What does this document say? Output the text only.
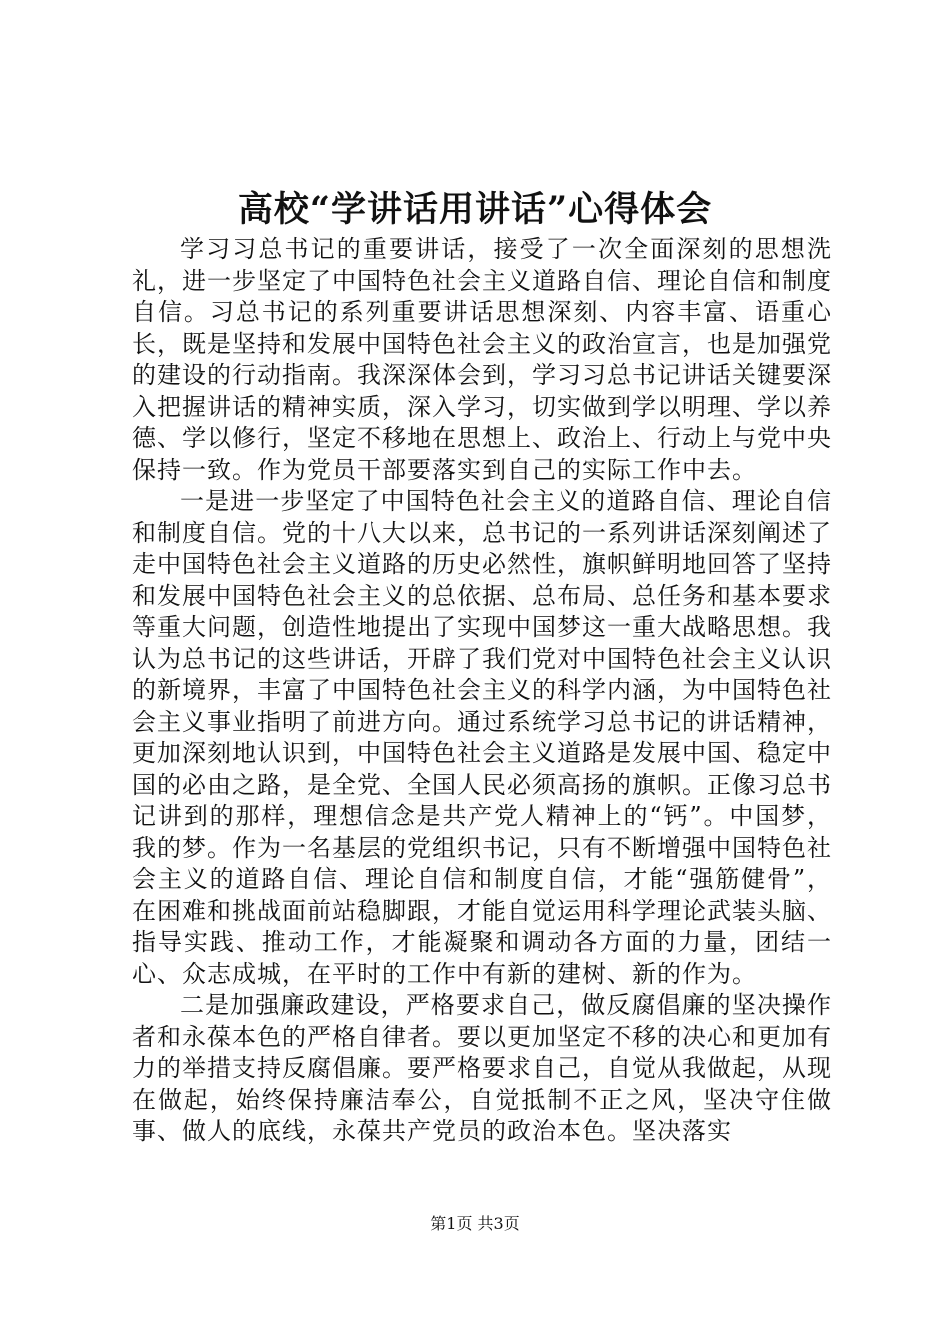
高校“学讲话用讲话”心得体会

学习习总书记的重要讲话，接受了一次全面深刻的思想洗礼，进一步坚定了中国特色社会主义道路自信、理论自信和制度自信。习总书记的系列重要讲话思想深刻、内容丰富、语重心长，既是坚持和发展中国特色社会主义的政治宣言，也是加强党的建设的行动指南。我深深体会到，学习习总书记讲话关键要深入把握讲话的精神实质，深入学习，切实做到学以明理、学以养德、学以修行，坚定不移地在思想上、政治上、行动上与党中央保持一致。作为党员干部要落实到自己的实际工作中去。

一是进一步坚定了中国特色社会主义的道路自信、理论自信和制度自信。党的十八大以来，总书记的一系列讲话深刻阐述了走中国特色社会主义道路的历史必然性，旗帜鲜明地回答了坚持和发展中国特色社会主义的总依据、总布局、总任务和基本要求等重大问题，创造性地提出了实现中国梦这一重大战略思想。我认为总书记的这些讲话，开辟了我们党对中国特色社会主义认识的新境界，丰富了中国特色社会主义的科学内涵，为中国特色社会主义事业指明了前进方向。通过系统学习总书记的讲话精神，更加深刻地认识到，中国特色社会主义道路是发展中国、稳定中国的必由之路，是全党、全国人民必须高扬的旗帜。正像习总书记讲到的那样，理想信念是共产党人精神上的“钙”。中国梦，我的梦。作为一名基层的党组织书记，只有不断增强中国特色社会主义的道路自信、理论自信和制度自信，才能“强筋健骨”，在困难和挑战面前站稳脚跟，才能自觉运用科学理论武装头脑、指导实践、推动工作，才能凝聚和调动各方面的力量，团结一心、众志成城，在平时的工作中有新的建树、新的作为。

二是加强廉政建设，严格要求自己，做反腐倡廉的坚决操作者和永葆本色的严格自律者。要以更加坚定不移的决心和更加有力的举措支持反腐倡廉。要严格要求自己，自觉从我做起，从现在做起，始终保持廉洁奉公，自觉抵制不正之风，坚决守住做事、做人的底线，永葆共产党员的政治本色。坚决落实

第1页 共3页
